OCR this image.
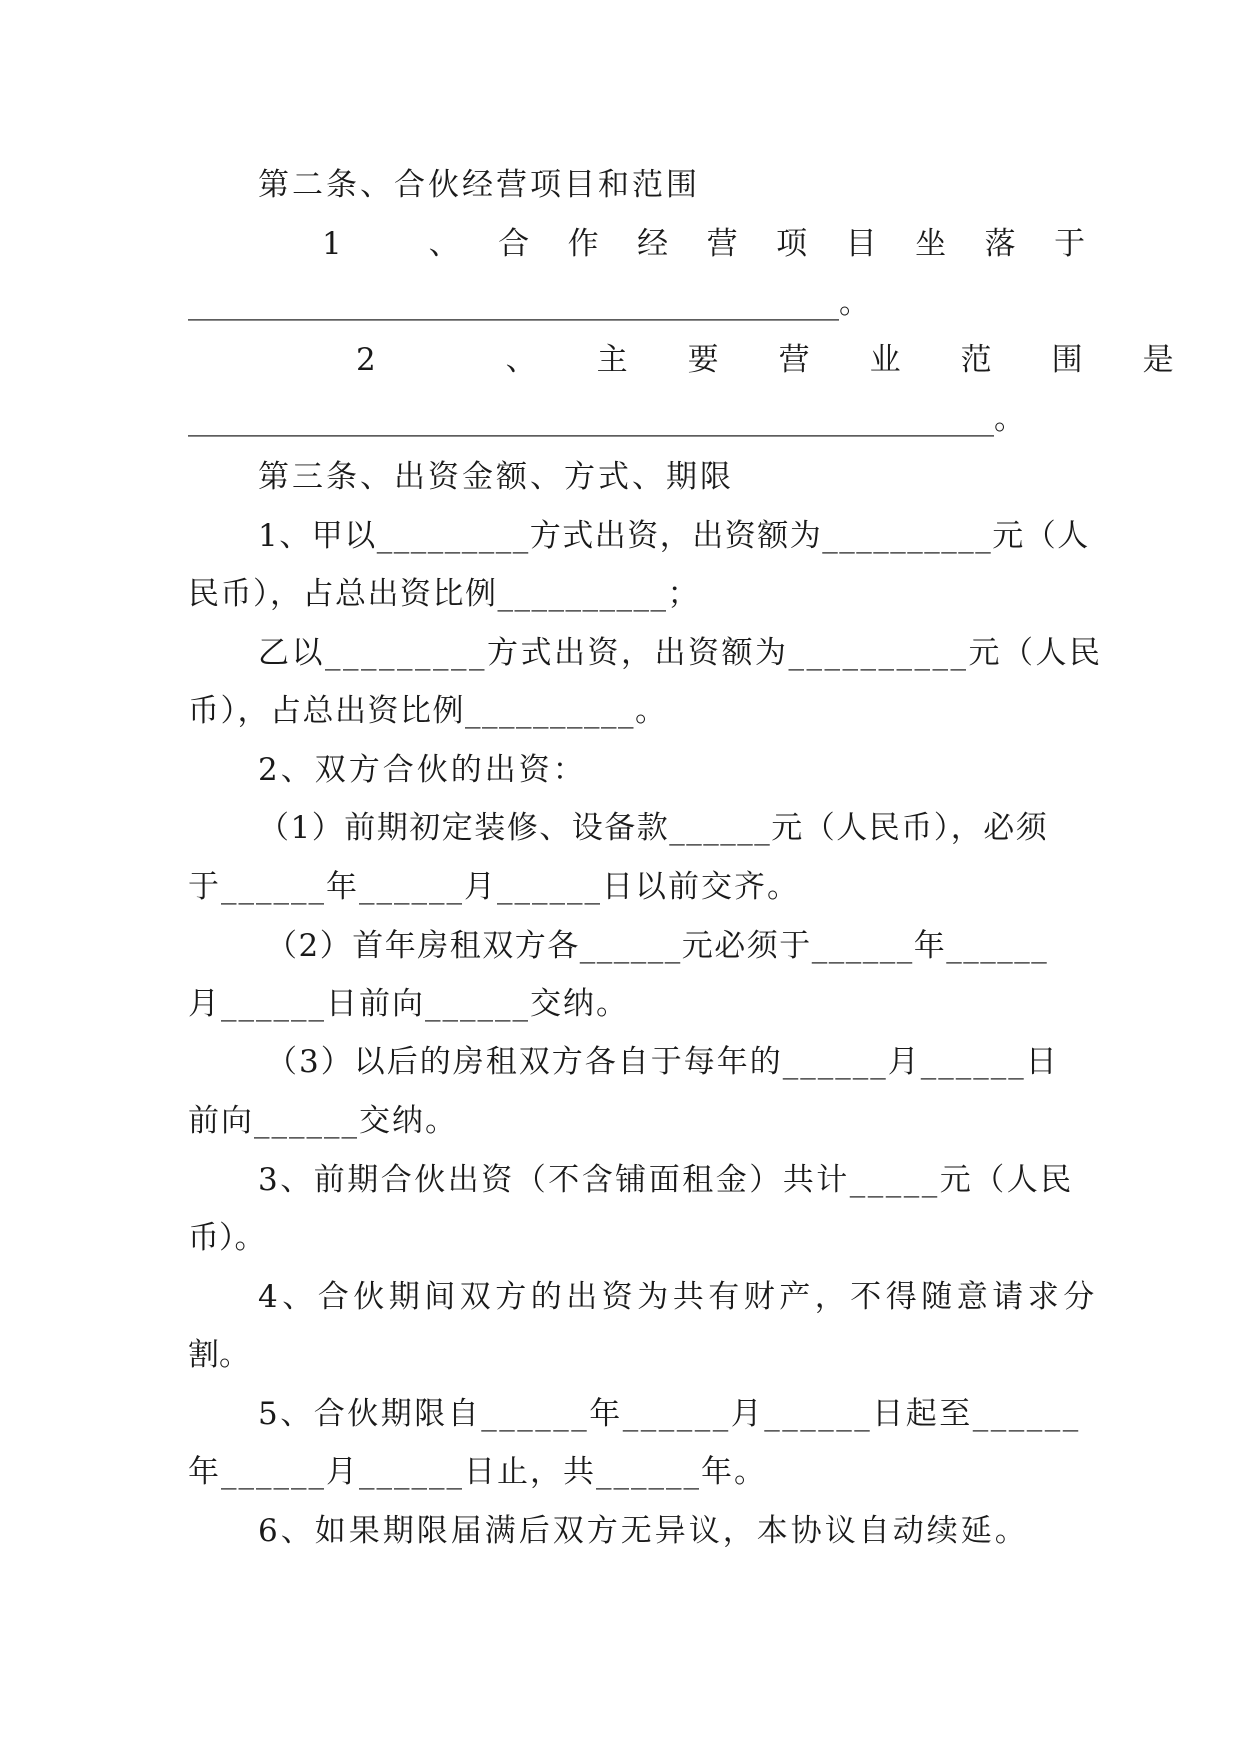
第二条、合伙经营项目和范围
1 、合作经营项目坐落于
__________________________________________。
2 、主要营业范围是
____________________________________________________。
第三条、出资金额、方式、期限
1、甲以_________方式出资，出资额为__________元（人
民币），占总出资比例__________；
乙以_________方式出资，出资额为__________元（人民
币），占总出资比例__________。
2、双方合伙的出资：
（1）前期初定装修、设备款______元（人民币），必须
于______年______月______日以前交齐。
（2）首年房租双方各______元必须于______年______
月______日前向______交纳。
（3）以后的房租双方各自于每年的______月______日
前向______交纳。
3、前期合伙出资（不含铺面租金）共计_____元（人民
币）。
4、合伙期间双方的出资为共有财产，不得随意请求分
割。
5、合伙期限自______年______月______日起至______
年______月______日止，共______年。
6、如果期限届满后双方无异议，本协议自动续延。
